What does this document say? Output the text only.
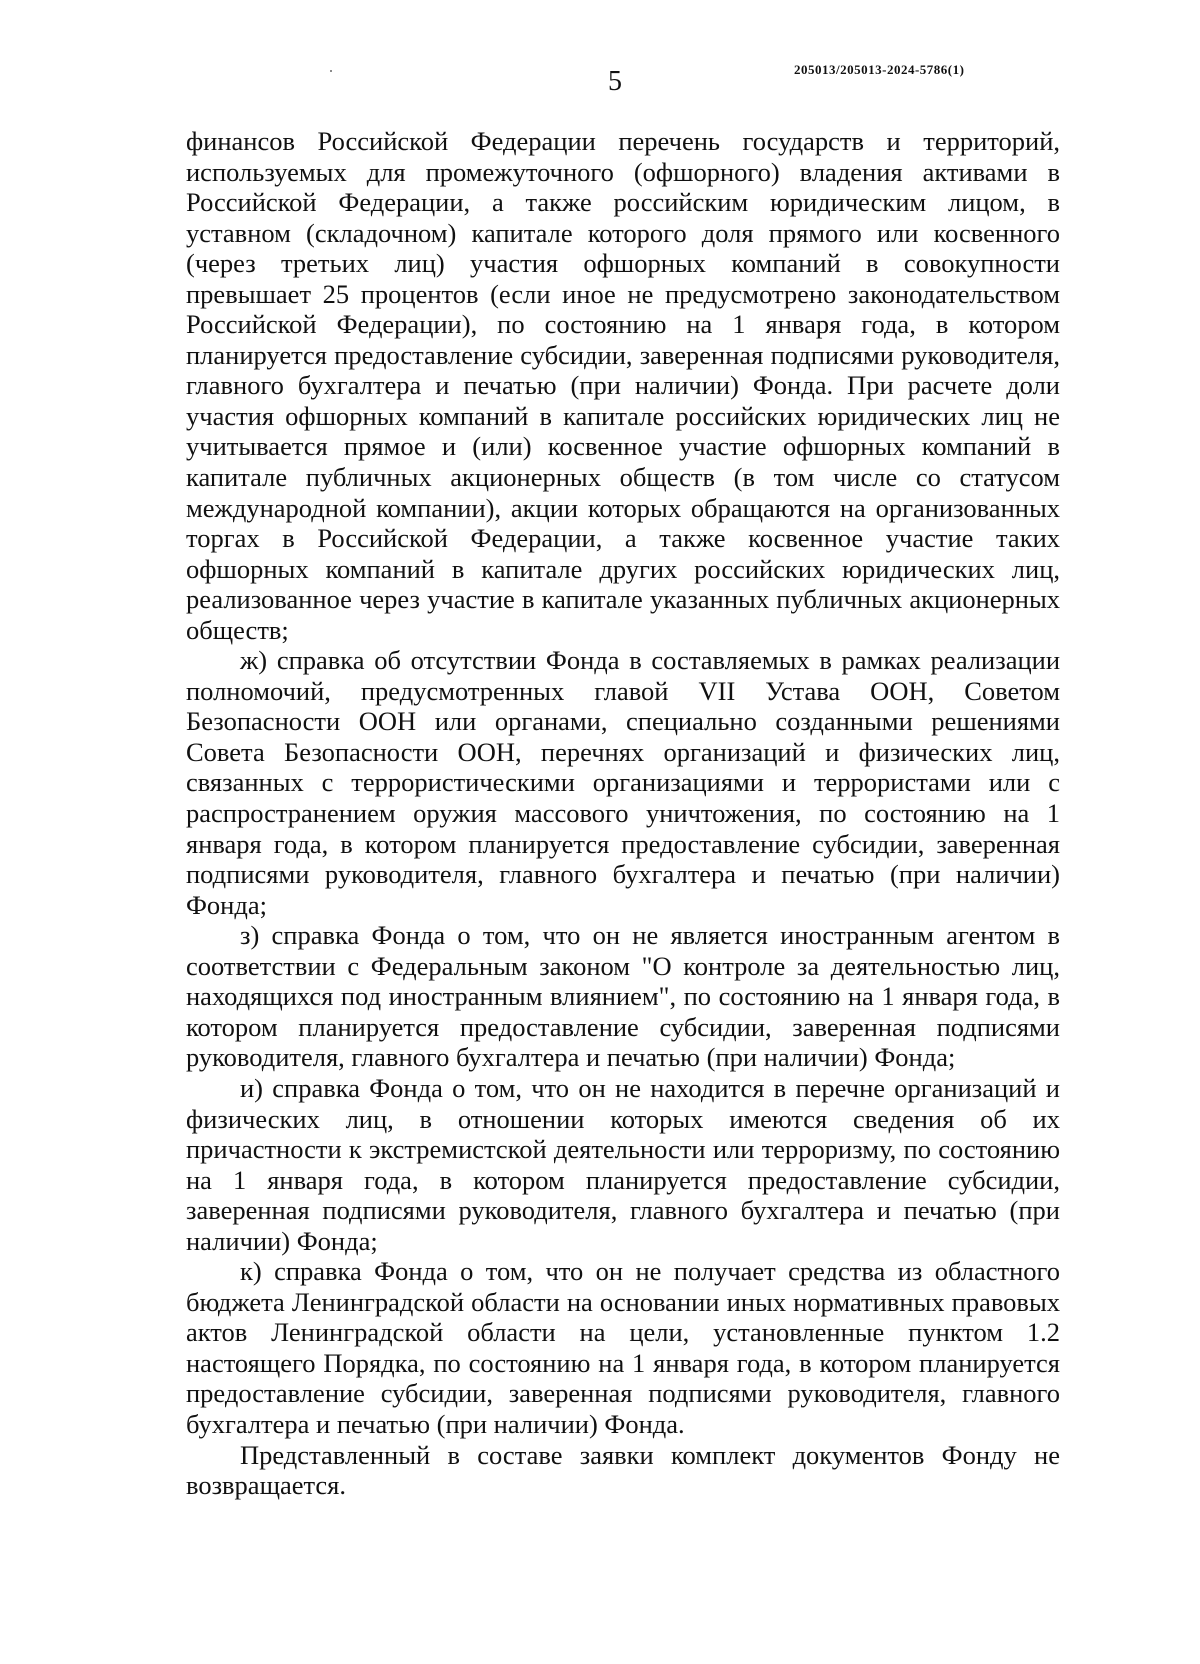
5	205013/205013-2024-5786(1)

финансов Российской Федерации перечень государств и территорий, используемых для промежуточного (офшорного) владения активами в Российской Федерации, а также российским юридическим лицом, в уставном (складочном) капитале которого доля прямого или косвенного (через третьих лиц) участия офшорных компаний в совокупности превышает 25 процентов (если иное не предусмотрено законодательством Российской Федерации), по состоянию на 1 января года, в котором планируется предоставление субсидии, заверенная подписями руководителя, главного бухгалтера и печатью (при наличии) Фонда. При расчете доли участия офшорных компаний в капитале российских юридических лиц не учитывается прямое и (или) косвенное участие офшорных компаний в капитале публичных акционерных обществ (в том числе со статусом международной компании), акции которых обращаются на организованных торгах в Российской Федерации, а также косвенное участие таких офшорных компаний в капитале других российских юридических лиц, реализованное через участие в капитале указанных публичных акционерных обществ;

ж) справка об отсутствии Фонда в составляемых в рамках реализации полномочий, предусмотренных главой VII Устава ООН, Советом Безопасности ООН или органами, специально созданными решениями Совета Безопасности ООН, перечнях организаций и физических лиц, связанных с террористическими организациями и террористами или с распространением оружия массового уничтожения, по состоянию на 1 января года, в котором планируется предоставление субсидии, заверенная подписями руководителя, главного бухгалтера и печатью (при наличии) Фонда;

з) справка Фонда о том, что он не является иностранным агентом в соответствии с Федеральным законом "О контроле за деятельностью лиц, находящихся под иностранным влиянием", по состоянию на 1 января года, в котором планируется предоставление субсидии, заверенная подписями руководителя, главного бухгалтера и печатью (при наличии) Фонда;

и) справка Фонда о том, что он не находится в перечне организаций и физических лиц, в отношении которых имеются сведения об их причастности к экстремистской деятельности или терроризму, по состоянию на 1 января года, в котором планируется предоставление субсидии, заверенная подписями руководителя, главного бухгалтера и печатью (при наличии) Фонда;

к) справка Фонда о том, что он не получает средства из областного бюджета Ленинградской области на основании иных нормативных правовых актов Ленинградской области на цели, установленные пунктом 1.2 настоящего Порядка, по состоянию на 1 января года, в котором планируется предоставление субсидии, заверенная подписями руководителя, главного бухгалтера и печатью (при наличии) Фонда.

Представленный в составе заявки комплект документов Фонду не возвращается.
